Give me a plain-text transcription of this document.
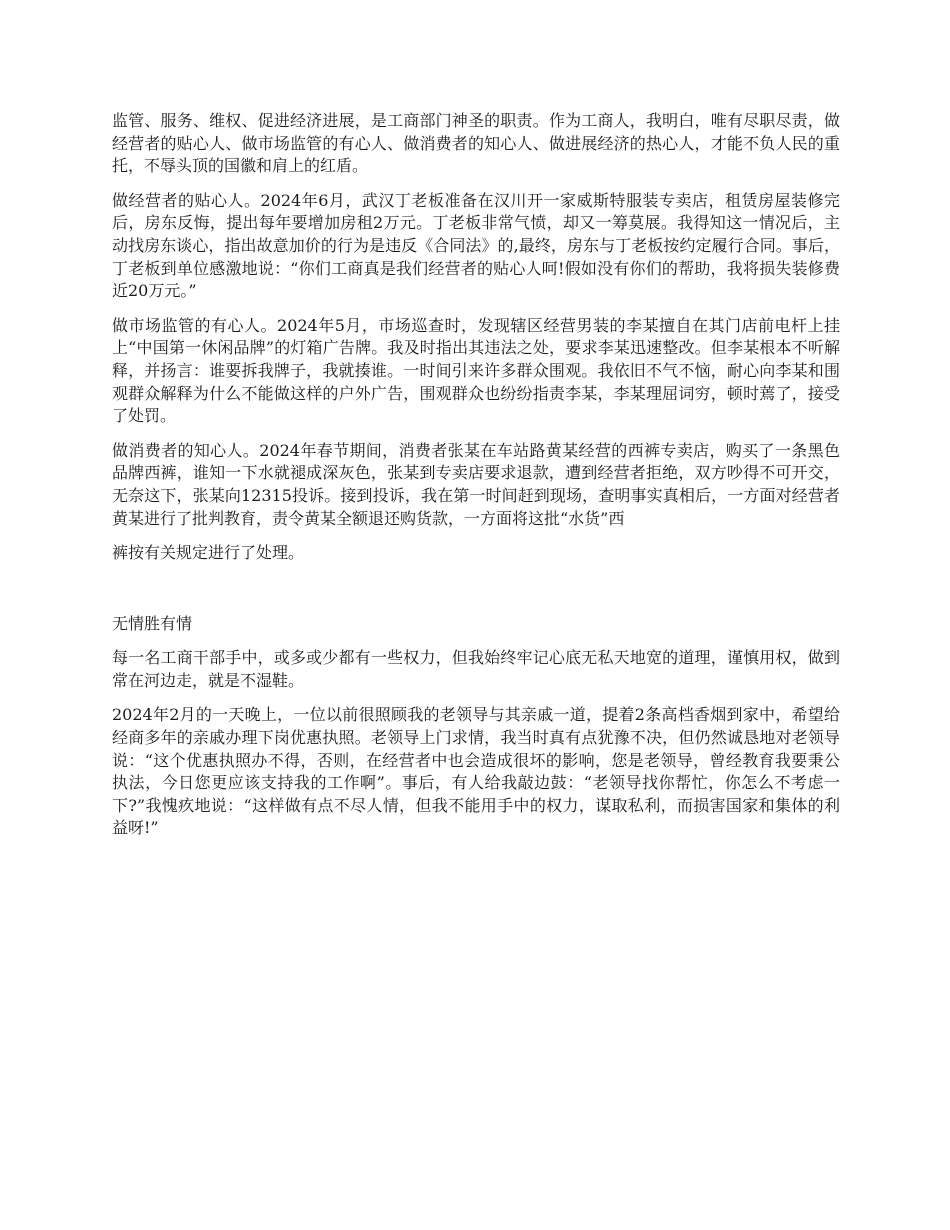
监管、服务、维权、促进经济进展，是工商部门神圣的职责。作为工商人，我明白，唯有尽职尽责，做经营者的贴心人、做市场监管的有心人、做消费者的知心人、做进展经济的热心人，才能不负人民的重托，不辱头顶的国徽和肩上的红盾。

做经营者的贴心人。2024年6月，武汉丁老板准备在汉川开一家威斯特服装专卖店，租赁房屋装修完后，房东反悔，提出每年要增加房租2万元。丁老板非常气愤，却又一筹莫展。我得知这一情况后，主动找房东谈心，指出故意加价的行为是违反《合同法》的,最终，房东与丁老板按约定履行合同。事后，丁老板到单位感激地说：“你们工商真是我们经营者的贴心人呵!假如没有你们的帮助，我将损失装修费近20万元。”

做市场监管的有心人。2024年5月，市场巡查时，发现辖区经营男装的李某擅自在其门店前电杆上挂上“中国第一休闲品牌”的灯箱广告牌。我及时指出其违法之处，要求李某迅速整改。但李某根本不听解释，并扬言：谁要拆我牌子，我就揍谁。一时间引来许多群众围观。我依旧不气不恼，耐心向李某和围观群众解释为什么不能做这样的户外广告，围观群众也纷纷指责李某，李某理屈词穷，顿时蔫了，接受了处罚。

做消费者的知心人。2024年春节期间，消费者张某在车站路黄某经营的西裤专卖店，购买了一条黑色品牌西裤，谁知一下水就褪成深灰色，张某到专卖店要求退款，遭到经营者拒绝，双方吵得不可开交，无奈这下，张某向12315投诉。接到投诉，我在第一时间赶到现场，查明事实真相后，一方面对经营者黄某进行了批判教育，责令黄某全额退还购货款，一方面将这批“水货”西

裤按有关规定进行了处理。

无情胜有情

每一名工商干部手中，或多或少都有一些权力，但我始终牢记心底无私天地宽的道理，谨慎用权，做到常在河边走，就是不湿鞋。

2024年2月的一天晚上，一位以前很照顾我的老领导与其亲戚一道，提着2条高档香烟到家中，希望给经商多年的亲戚办理下岗优惠执照。老领导上门求情，我当时真有点犹豫不决，但仍然诚恳地对老领导说：“这个优惠执照办不得，否则，在经营者中也会造成很坏的影响，您是老领导，曾经教育我要秉公执法，今日您更应该支持我的工作啊”。事后，有人给我敲边鼓：“老领导找你帮忙，你怎么不考虑一下?”我愧疚地说：“这样做有点不尽人情，但我不能用手中的权力，谋取私利，而损害国家和集体的利益呀!”
